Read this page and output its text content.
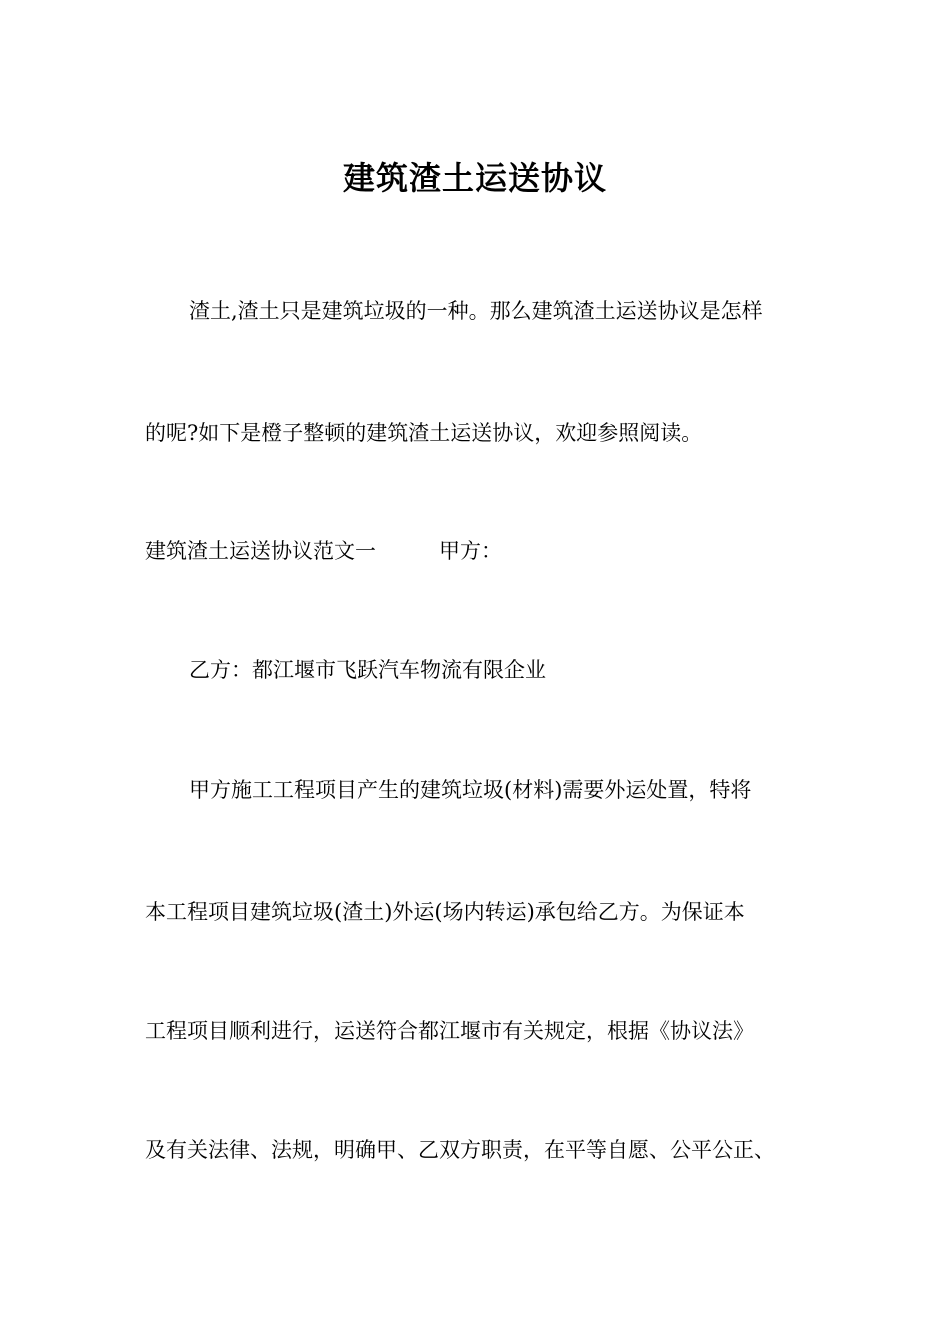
建筑渣土运送协议
渣土,渣土只是建筑垃圾的一种。那么建筑渣土运送协议是怎样
的呢?如下是橙子整顿的建筑渣土运送协议，欢迎参照阅读。
建筑渣土运送协议范文一　　　甲方：
乙方：都江堰市飞跃汽车物流有限企业
甲方施工工程项目产生的建筑垃圾(材料)需要外运处置，特将
本工程项目建筑垃圾(渣土)外运(场内转运)承包给乙方。为保证本
工程项目顺利进行，运送符合都江堰市有关规定，根据《协议法》
及有关法律、法规，明确甲、乙双方职责，在平等自愿、公平公正、
